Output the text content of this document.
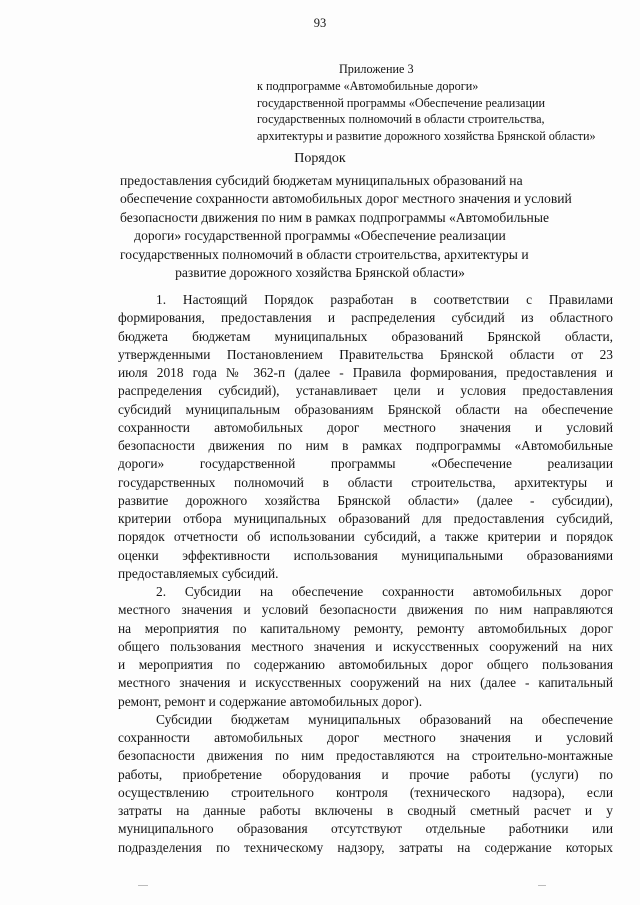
93
Приложение 3
к подпрограмме «Автомобильные дороги»
государственной программы «Обеспечение реализации
государственных полномочий в области строительства,
архитектуры и развитие дорожного хозяйства Брянской области»
Порядок
предоставления субсидий бюджетам муниципальных образований на
обеспечение сохранности автомобильных дорог местного значения и условий
безопасности движения по ним в рамках подпрограммы «Автомобильные
дороги» государственной программы «Обеспечение реализации
государственных полномочий в области строительства, архитектуры и
развитие дорожного хозяйства Брянской области»
1. Настоящий Порядок разработан в соответствии с Правилами
формирования, предоставления и распределения субсидий из областного
бюджета бюджетам муниципальных образований Брянской области,
утвержденными Постановлением Правительства Брянской области от 23
июля 2018 года № 362-п (далее - Правила формирования, предоставления и
распределения субсидий), устанавливает цели и условия предоставления
субсидий муниципальным образованиям Брянской области на обеспечение
сохранности автомобильных дорог местного значения и условий
безопасности движения по ним в рамках подпрограммы «Автомобильные
дороги» государственной программы «Обеспечение реализации
государственных полномочий в области строительства, архитектуры и
развитие дорожного хозяйства Брянской области» (далее - субсидии),
критерии отбора муниципальных образований для предоставления субсидий,
порядок отчетности об использовании субсидий, а также критерии и порядок
оценки эффективности использования муниципальными образованиями
предоставляемых субсидий.
2. Субсидии на обеспечение сохранности автомобильных дорог
местного значения и условий безопасности движения по ним направляются
на мероприятия по капитальному ремонту, ремонту автомобильных дорог
общего пользования местного значения и искусственных сооружений на них
и мероприятия по содержанию автомобильных дорог общего пользования
местного значения и искусственных сооружений на них (далее - капитальный
ремонт, ремонт и содержание автомобильных дорог).
Субсидии бюджетам муниципальных образований на обеспечение
сохранности автомобильных дорог местного значения и условий
безопасности движения по ним предоставляются на строительно-монтажные
работы, приобретение оборудования и прочие работы (услуги) по
осуществлению строительного контроля (технического надзора), если
затраты на данные работы включены в сводный сметный расчет и у
муниципального образования отсутствуют отдельные работники или
подразделения по техническому надзору, затраты на содержание которых
